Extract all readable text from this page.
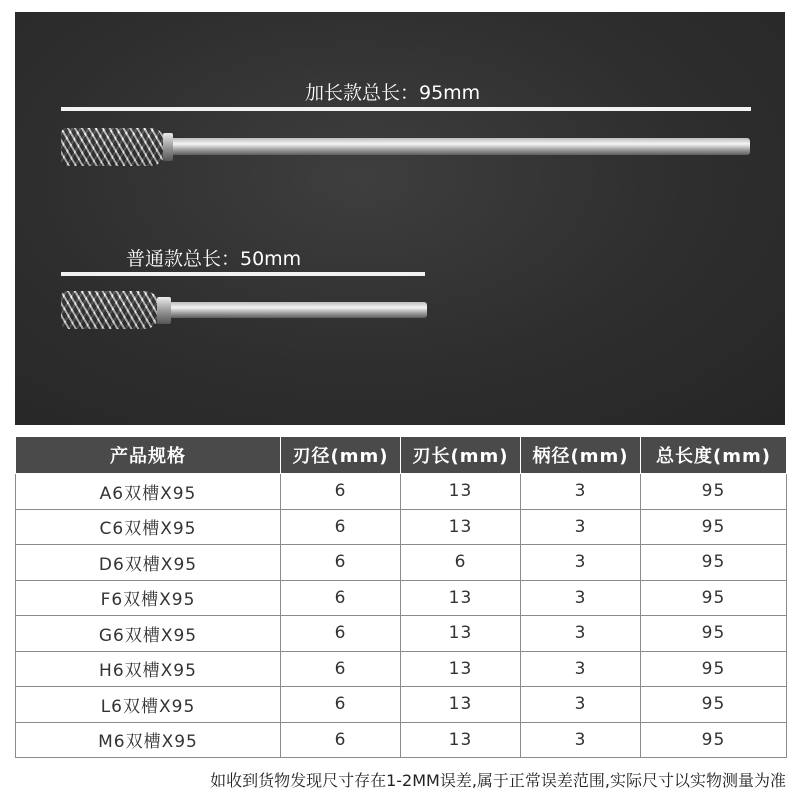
加长款总长：95mm
普通款总长：50mm
产品规格	刃径(mm)	刃长(mm)	柄径(mm)	总长度(mm)
A6双槽X95	6	13	3	95
C6双槽X95	6	13	3	95
D6双槽X95	6	6	3	95
F6双槽X95	6	13	3	95
G6双槽X95	6	13	3	95
H6双槽X95	6	13	3	95
L6双槽X95	6	13	3	95
M6双槽X95	6	13	3	95
如收到货物发现尺寸存在1-2MM误差,属于正常误差范围,实际尺寸以实物测量为准
